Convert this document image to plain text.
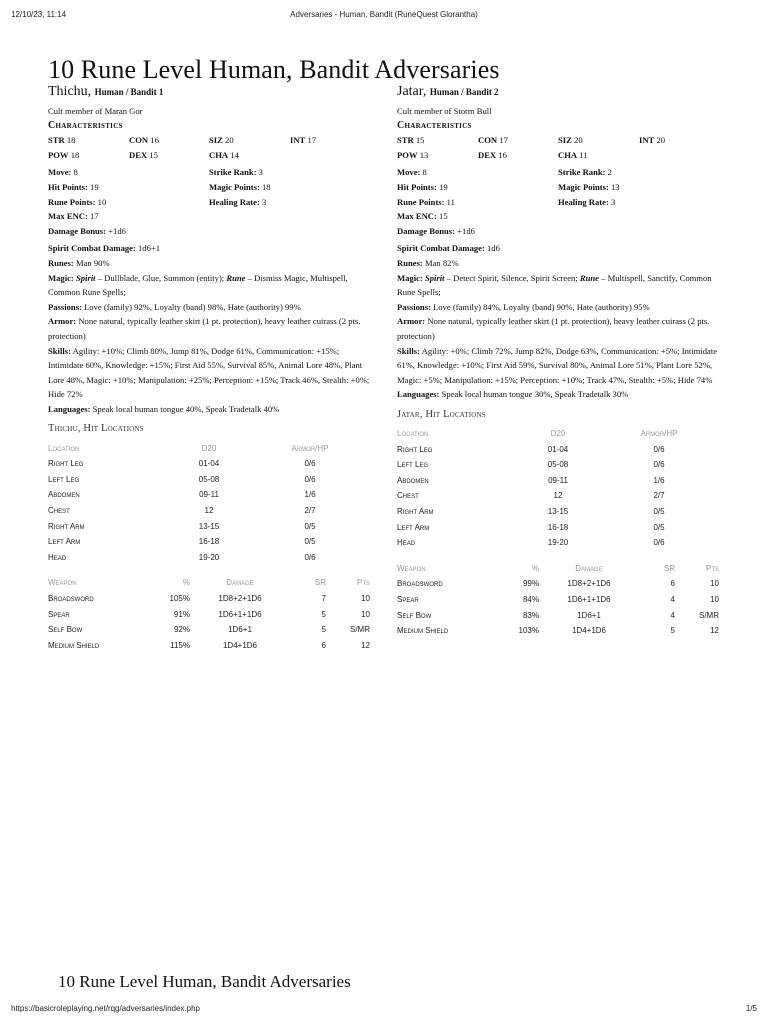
12/10/23, 11:14	Adversaries - Human, Bandit (RuneQuest Glorantha)
10 Rune Level Human, Bandit Adversaries
Thichu, Human / Bandit 1
Cult member of Maran Gor
Characteristics
STR 18	CON 16	SIZ 20	INT 17
POW 18	DEX 15	CHA 14
Move: 8	Strike Rank: 3
Hit Points: 19	Magic Points: 18
Rune Points: 10	Healing Rate: 3
Max ENC: 17
Damage Bonus: +1d6
Spirit Combat Damage: 1d6+1
Runes: Man 90%
Magic: Spirit – Dullblade, Glue, Summon (entity); Rune – Dismiss Magic, Multispell, Common Rune Spells;
Passions: Love (family) 92%, Loyalty (band) 98%, Hate (authority) 99%
Armor: None natural, typically leather skirt (1 pt. protection), heavy leather cuirass (2 pts. protection)
Skills: Agility: +10%; Climb 80%, Jump 81%, Dodge 61%, Communication: +15%; Intimidate 60%, Knowledge: +15%; First Aid 55%, Survival 85%, Animal Lore 48%, Plant Lore 48%, Magic: +10%; Manipulation: +25%; Perception: +15%; Track 46%, Stealth: +0%; Hide 72%
Languages: Speak local human tongue 40%, Speak Tradetalk 40%
Thichu, Hit Locations
Location	D20	Armor/HP
Right Leg	01-04	0/6
Left Leg	05-08	0/6
Abdomen	09-11	1/6
Chest	12	2/7
Right Arm	13-15	0/5
Left Arm	16-18	0/5
Head	19-20	0/6
Weapon	%	Damage	SR	Pts
Broadsword	105%	1D8+2+1D6	7	10
Spear	91%	1D6+1+1D6	5	10
Self Bow	92%	1D6+1	5	S/MR
Medium Shield	115%	1D4+1D6	6	12
Jatar, Human / Bandit 2
Cult member of Storm Bull
Characteristics
STR 15	CON 17	SIZ 20	INT 20
POW 13	DEX 16	CHA 11
Move: 8	Strike Rank: 2
Hit Points: 19	Magic Points: 13
Rune Points: 11	Healing Rate: 3
Max ENC: 15
Damage Bonus: +1d6
Spirit Combat Damage: 1d6
Runes: Man 82%
Magic: Spirit – Detect Spirit, Silence, Spirit Screen; Rune – Multispell, Sanctify, Common Rune Spells;
Passions: Love (family) 84%, Loyalty (band) 90%, Hate (authority) 95%
Armor: None natural, typically leather skirt (1 pt. protection), heavy leather cuirass (2 pts. protection)
Skills: Agility: +0%; Climb 72%, Jump 82%, Dodge 63%, Communication: +5%; Intimidate 61%, Knowledge: +10%; First Aid 59%, Survival 80%, Animal Lore 51%, Plant Lore 52%, Magic: +5%; Manipulation: +15%; Perception: +10%; Track 47%, Stealth: +5%; Hide 74%
Languages: Speak local human tongue 30%, Speak Tradetalk 30%
Jatar, Hit Locations
Location	D20	Armor/HP
Right Leg	01-04	0/6
Left Leg	05-08	0/6
Abdomen	09-11	1/6
Chest	12	2/7
Right Arm	13-15	0/5
Left Arm	16-18	0/5
Head	19-20	0/6
Weapon	%	Damage	SR	Pts
Broadsword	99%	1D8+2+1D6	6	10
Spear	84%	1D6+1+1D6	4	10
Self Bow	83%	1D6+1	4	S/MR
Medium Shield	103%	1D4+1D6	5	12
10 Rune Level Human, Bandit Adversaries
https://basicroleplaying.net/rqg/adversaries/index.php	1/5
